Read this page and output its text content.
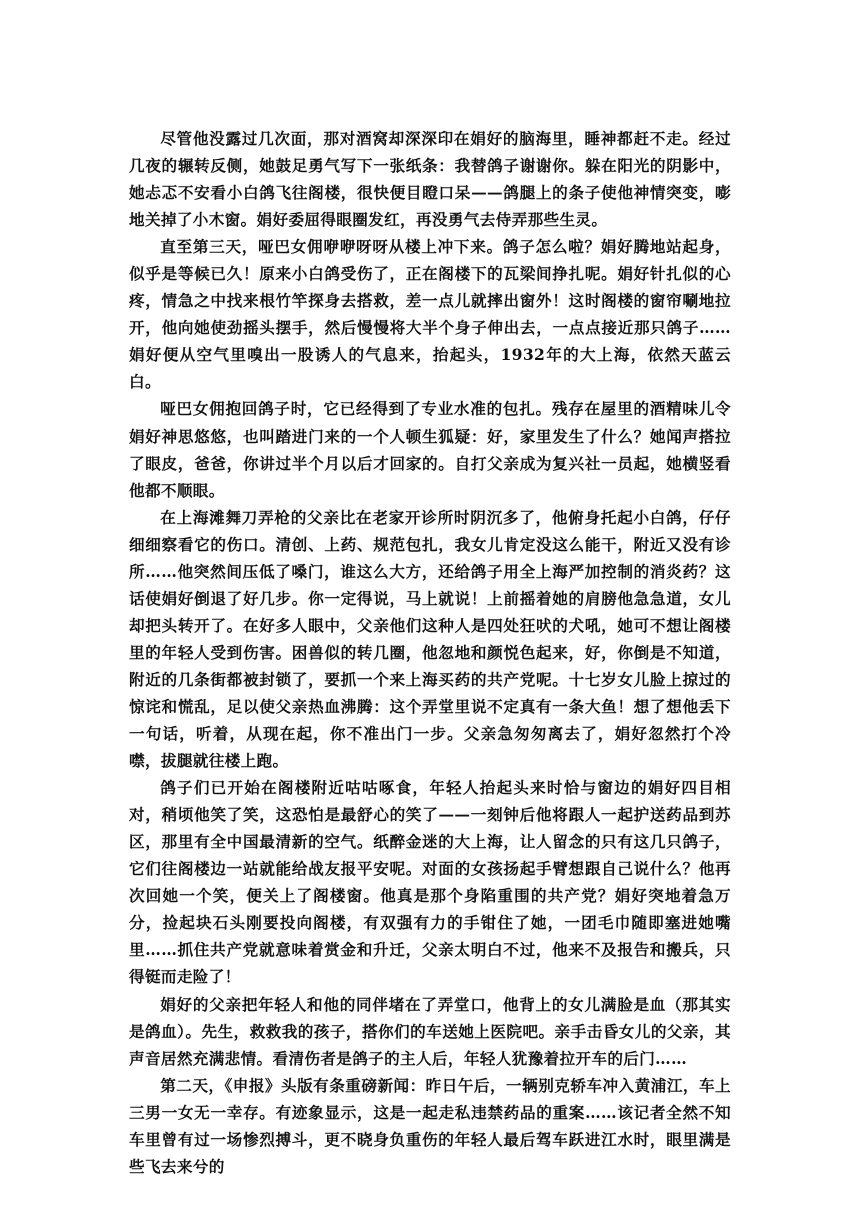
尽管他没露过几次面，那对酒窝却深深印在娟好的脑海里，睡神都赶不走。经过几夜的辗转反侧，她鼓足勇气写下一张纸条：我替鸽子谢谢你。躲在阳光的阴影中，她忐忑不安看小白鸽飞往阁楼，很快便目瞪口呆——鸽腿上的条子使他神情突变，嘭地关掉了小木窗。娟好委屈得眼圈发红，再没勇气去侍弄那些生灵。

直至第三天，哑巴女佣咿咿呀呀从楼上冲下来。鸽子怎么啦？娟好腾地站起身，似乎是等候已久！原来小白鸽受伤了，正在阁楼下的瓦梁间挣扎呢。娟好针扎似的心疼，情急之中找来根竹竿探身去搭救，差一点儿就摔出窗外！这时阁楼的窗帘唰地拉开，他向她使劲摇头摆手，然后慢慢将大半个身子伸出去，一点点接近那只鸽子……娟好便从空气里嗅出一股诱人的气息来，抬起头，1932年的大上海，依然天蓝云白。

哑巴女佣抱回鸽子时，它已经得到了专业水准的包扎。残存在屋里的酒精味儿令娟好神思悠悠，也叫踏进门来的一个人顿生狐疑：好，家里发生了什么？她闻声搭拉了眼皮，爸爸，你讲过半个月以后才回家的。自打父亲成为复兴社一员起，她横竖看他都不顺眼。

在上海滩舞刀弄枪的父亲比在老家开诊所时阴沉多了，他俯身托起小白鸽，仔仔细细察看它的伤口。清创、上药、规范包扎，我女儿肯定没这么能干，附近又没有诊所……他突然间压低了嗓门，谁这么大方，还给鸽子用全上海严加控制的消炎药？这话使娟好倒退了好几步。你一定得说，马上就说！上前摇着她的肩膀他急急道，女儿却把头转开了。在好多人眼中，父亲他们这种人是四处狂吠的犬吼，她可不想让阁楼里的年轻人受到伤害。困兽似的转几圈，他忽地和颜悦色起来，好，你倒是不知道，附近的几条街都被封锁了，要抓一个来上海买药的共产党呢。十七岁女儿脸上掠过的惊诧和慌乱，足以使父亲热血沸腾：这个弄堂里说不定真有一条大鱼！想了想他丢下一句话，听着，从现在起，你不准出门一步。父亲急匆匆离去了，娟好忽然打个冷噤，拔腿就往楼上跑。

鸽子们已开始在阁楼附近咕咕啄食，年轻人抬起头来时恰与窗边的娟好四目相对，稍顷他笑了笑，这恐怕是最舒心的笑了——一刻钟后他将跟人一起护送药品到苏区，那里有全中国最清新的空气。纸醉金迷的大上海，让人留念的只有这几只鸽子，它们往阁楼边一站就能给战友报平安呢。对面的女孩扬起手臂想跟自己说什么？他再次回她一个笑，便关上了阁楼窗。他真是那个身陷重围的共产党？娟好突地着急万分，捡起块石头刚要投向阁楼，有双强有力的手钳住了她，一团毛巾随即塞进她嘴里……抓住共产党就意味着赏金和升迁，父亲太明白不过，他来不及报告和搬兵，只得铤而走险了！

娟好的父亲把年轻人和他的同伴堵在了弄堂口，他背上的女儿满脸是血（那其实是鸽血）。先生，救救我的孩子，搭你们的车送她上医院吧。亲手击昏女儿的父亲，其声音居然充满悲情。看清伤者是鸽子的主人后，年轻人犹豫着拉开车的后门……

第二天，《申报》头版有条重磅新闻：昨日午后，一辆别克轿车冲入黄浦江，车上三男一女无一幸存。有迹象显示，这是一起走私违禁药品的重案……该记者全然不知车里曾有过一场惨烈搏斗，更不晓身负重伤的年轻人最后驾车跃进江水时，眼里满是些飞去来兮的
